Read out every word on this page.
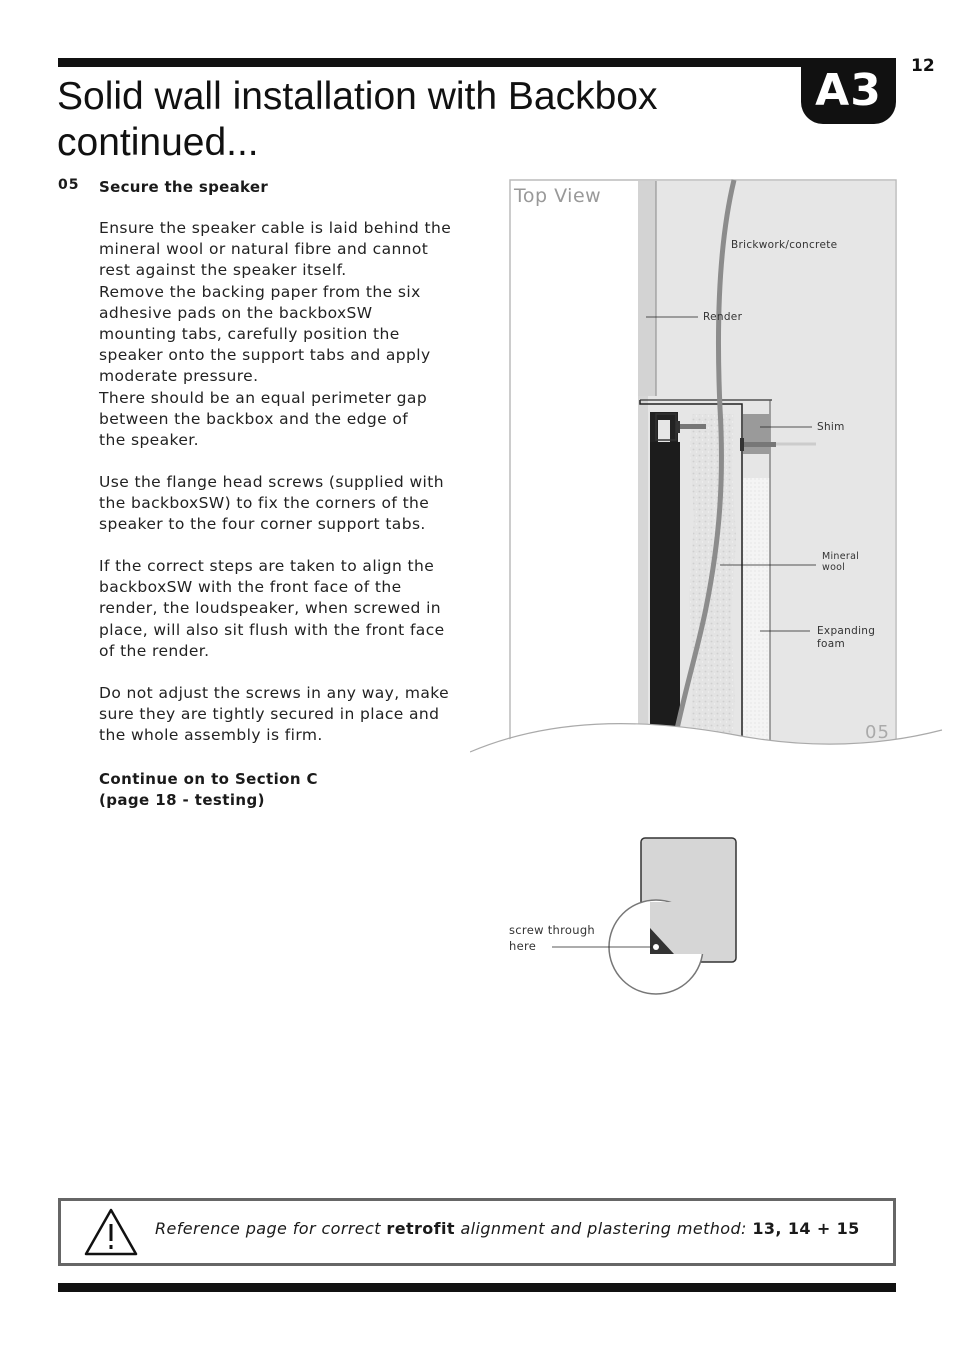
12
A3
Solid wall installation with Backbox
continued...
05 Secure the speaker
Ensure the speaker cable is laid behind the
mineral wool or natural fibre and cannot
rest against the speaker itself.
Remove the backing paper from the six
adhesive pads on the backboxSW
mounting tabs, carefully position the
speaker onto the support tabs and apply
moderate pressure.
There should be an equal perimeter gap
between the backbox and the edge of
the speaker.
Use the flange head screws (supplied with
the backboxSW) to fix the corners of the
speaker to the four corner support tabs.
If the correct steps are taken to align the
backboxSW with the front face of the
render, the loudspeaker, when screwed in
place, will also sit flush with the front face
of the render.
Do not adjust the screws in any way, make
sure they are tightly secured in place and
the whole assembly is firm.
Continue on to Section C
(page 18 - testing)
Top View
Brickwork/concrete
Render
Shim
Mineral
wool
Expanding
foam
05
screw through
here
Reference page for correct retrofit alignment and plastering method: 13, 14 + 15
